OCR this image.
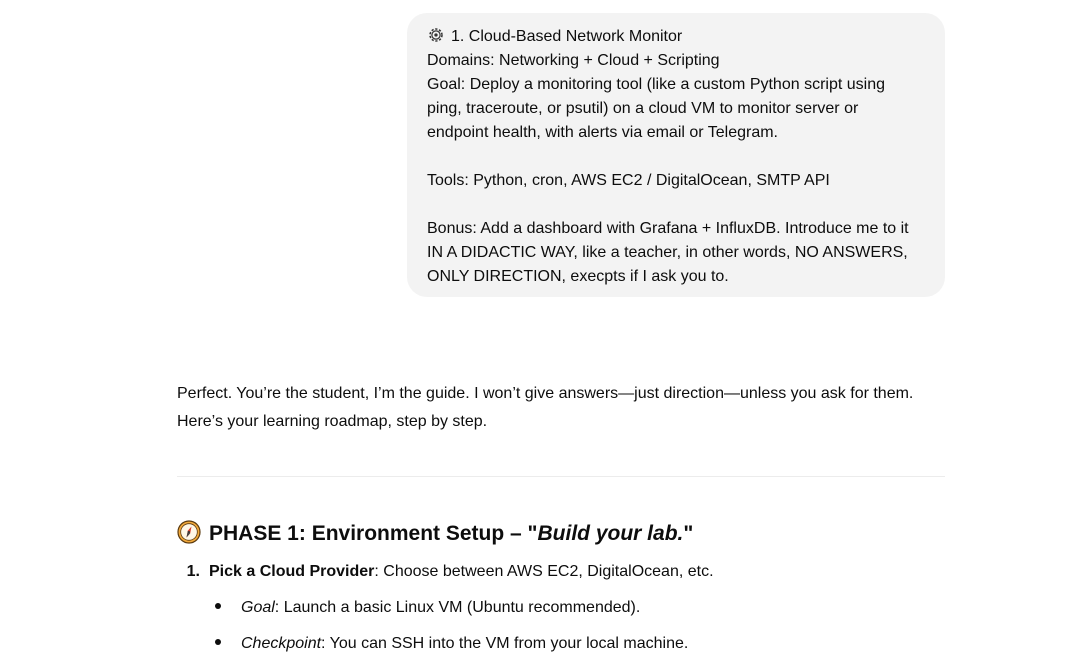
1. Cloud-Based Network Monitor
Domains: Networking + Cloud + Scripting
Goal: Deploy a monitoring tool (like a custom Python script using
ping, traceroute, or psutil) on a cloud VM to monitor server or
endpoint health, with alerts via email or Telegram.
Tools: Python, cron, AWS EC2 / DigitalOcean, SMTP API
Bonus: Add a dashboard with Grafana + InfluxDB. Introduce me to it
IN A DIDACTIC WAY, like a teacher, in other words, NO ANSWERS,
ONLY DIRECTION, execpts if I ask you to.

Perfect. You’re the student, I’m the guide. I won’t give answers—just direction—unless you ask for them.

Here’s your learning roadmap, step by step.

PHASE 1: Environment Setup – "Build your lab."
1. Pick a Cloud Provider: Choose between AWS EC2, DigitalOcean, etc.
Goal: Launch a basic Linux VM (Ubuntu recommended).
Checkpoint: You can SSH into the VM from your local machine.
